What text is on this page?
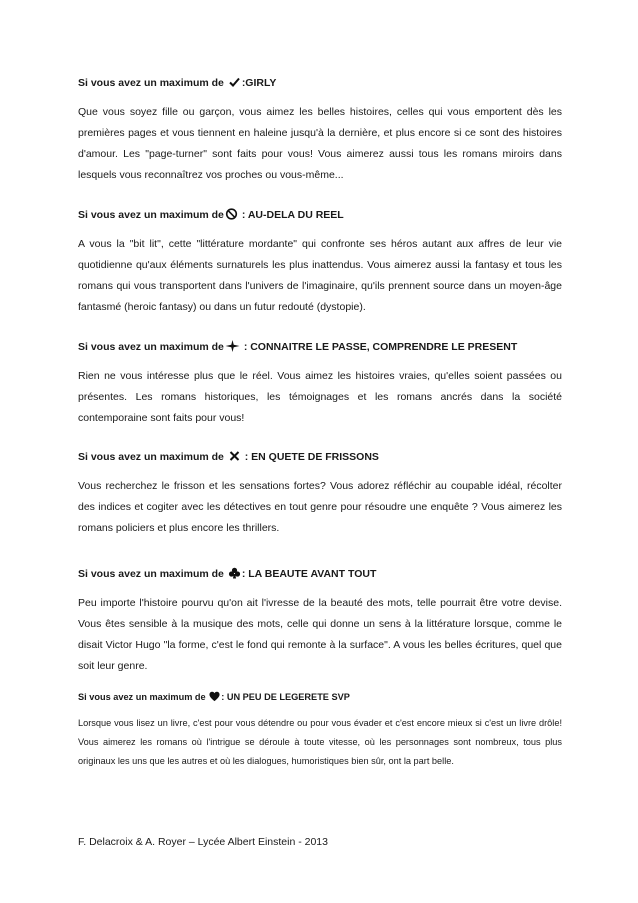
Si vous avez un maximum de :GIRLY

Que vous soyez fille ou garçon, vous aimez les belles histoires, celles qui vous emportent dès les premières pages et vous tiennent en haleine jusqu'à la dernière, et plus encore si ce sont des histoires d'amour. Les "page-turner" sont faits pour vous! Vous aimerez aussi tous les romans miroirs dans lesquels vous reconnaîtrez vos proches ou vous-même...

Si vous avez un maximum de : AU-DELA DU REEL

A vous la "bit lit", cette "littérature mordante" qui confronte ses héros autant aux affres de leur vie quotidienne qu'aux éléments surnaturels les plus inattendus. Vous aimerez aussi la fantasy et tous les romans qui vous transportent dans l'univers de l'imaginaire, qu'ils prennent source dans un moyen-âge fantasmé (heroic fantasy) ou dans un futur redouté (dystopie).

Si vous avez un maximum de : CONNAITRE LE PASSE, COMPRENDRE LE PRESENT

Rien ne vous intéresse plus que le réel. Vous aimez les histoires vraies, qu'elles soient passées ou présentes. Les romans historiques, les témoignages et les romans ancrés dans la société contemporaine sont faits pour vous!

Si vous avez un maximum de : EN QUETE DE FRISSONS

Vous recherchez le frisson et les sensations fortes? Vous adorez réfléchir au coupable idéal, récolter des indices et cogiter avec les détectives en tout genre pour résoudre une enquête ? Vous aimerez les romans policiers et plus encore les thrillers.

Si vous avez un maximum de : LA BEAUTE AVANT TOUT

Peu importe l'histoire pourvu qu'on ait l'ivresse de la beauté des mots, telle pourrait être votre devise. Vous êtes sensible à la musique des mots, celle qui donne un sens à la littérature lorsque, comme le disait Victor Hugo "la forme, c'est le fond qui remonte à la surface". A vous les belles écritures, quel que soit leur genre.

Si vous avez un maximum de : UN PEU DE LEGERETE SVP

Lorsque vous lisez un livre, c'est pour vous détendre ou pour vous évader et c'est encore mieux si c'est un livre drôle! Vous aimerez les romans où l'intrigue se déroule à toute vitesse, où les personnages sont nombreux, tous plus originaux les uns que les autres et où les dialogues, humoristiques bien sûr, ont la part belle.

F. Delacroix & A. Royer – Lycée Albert Einstein - 2013
